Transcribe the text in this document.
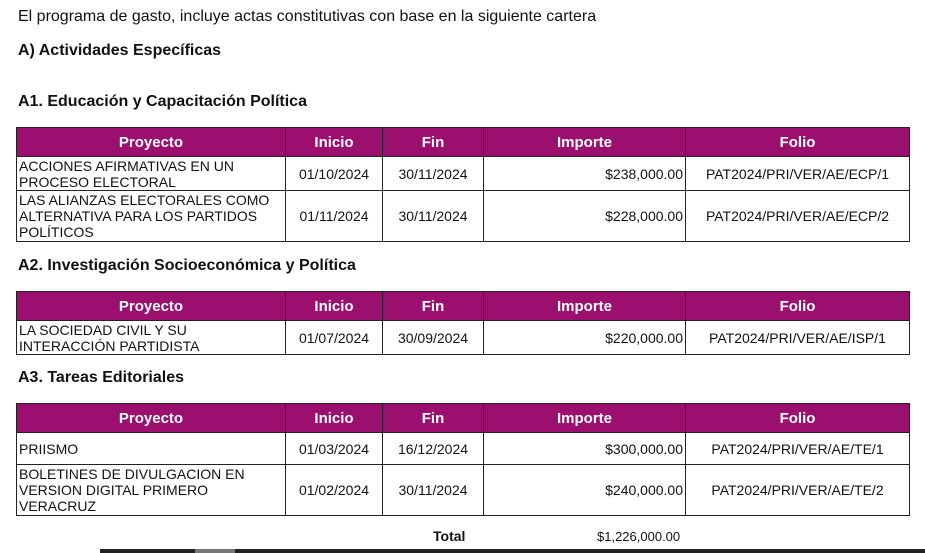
El programa de gasto, incluye actas constitutivas con base en la siguiente cartera
A) Actividades Específicas
A1. Educación y Capacitación Política
Proyecto	Inicio	Fin	Importe	Folio
ACCIONES AFIRMATIVAS EN UN PROCESO ELECTORAL	01/10/2024	30/11/2024	$238,000.00	PAT2024/PRI/VER/AE/ECP/1
LAS ALIANZAS ELECTORALES COMO ALTERNATIVA PARA LOS PARTIDOS POLÍTICOS	01/11/2024	30/11/2024	$228,000.00	PAT2024/PRI/VER/AE/ECP/2
A2. Investigación Socioeconómica y Política
Proyecto	Inicio	Fin	Importe	Folio
LA SOCIEDAD CIVIL Y SU INTERACCIÓN PARTIDISTA	01/07/2024	30/09/2024	$220,000.00	PAT2024/PRI/VER/AE/ISP/1
A3. Tareas Editoriales
Proyecto	Inicio	Fin	Importe	Folio
PRIISMO	01/03/2024	16/12/2024	$300,000.00	PAT2024/PRI/VER/AE/TE/1
BOLETINES DE DIVULGACION EN VERSION DIGITAL PRIMERO VERACRUZ	01/02/2024	30/11/2024	$240,000.00	PAT2024/PRI/VER/AE/TE/2
Total	$1,226,000.00
